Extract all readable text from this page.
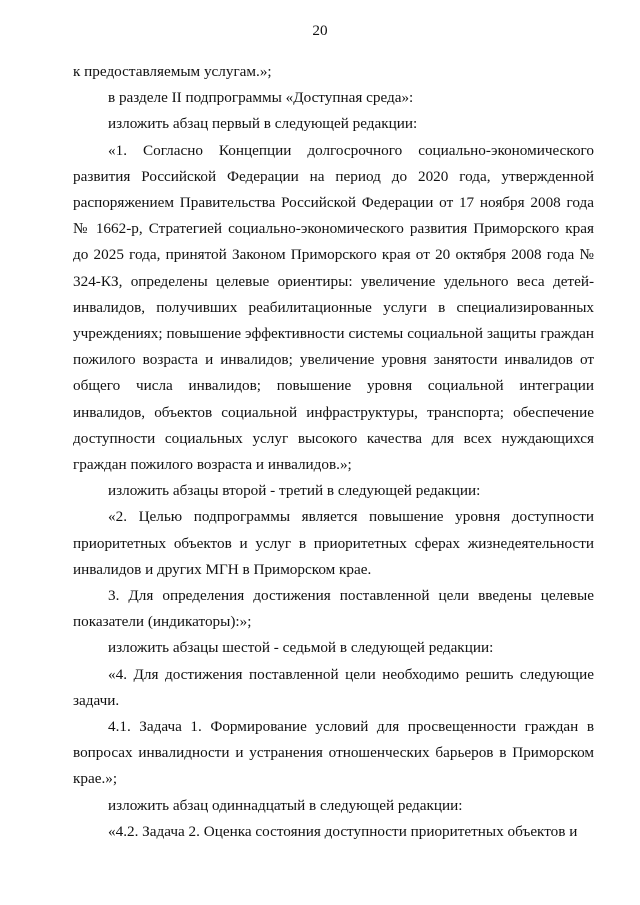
20

к предоставляемым услугам.»;

в разделе II подпрограммы «Доступная среда»:

изложить абзац первый в следующей редакции:

«1. Согласно Концепции долгосрочного социально-экономического развития Российской Федерации на период до 2020 года, утвержденной распоряжением Правительства Российской Федерации от 17 ноября 2008 года № 1662-р, Стратегией социально-экономического развития Приморского края до 2025 года, принятой Законом Приморского края от 20 октября 2008 года № 324-КЗ, определены целевые ориентиры: увеличение удельного веса детей-инвалидов, получивших реабилитационные услуги в специализированных учреждениях; повышение эффективности системы социальной защиты граждан пожилого возраста и инвалидов; увеличение уровня занятости инвалидов от общего числа инвалидов; повышение уровня социальной интеграции инвалидов, объектов социальной инфраструктуры, транспорта; обеспечение доступности социальных услуг высокого качества для всех нуждающихся граждан пожилого возраста и инвалидов.»;

изложить абзацы второй - третий в следующей редакции:

«2. Целью подпрограммы является повышение уровня доступности приоритетных объектов и услуг в приоритетных сферах жизнедеятельности инвалидов и других МГН в Приморском крае.

3. Для определения достижения поставленной цели введены целевые показатели (индикаторы):»;

изложить абзацы шестой - седьмой в следующей редакции:

«4. Для достижения поставленной цели необходимо решить следующие задачи.

4.1. Задача 1. Формирование условий для просвещенности граждан в вопросах инвалидности и устранения отношенческих барьеров в Приморском крае.»;

изложить абзац одиннадцатый в следующей редакции:

«4.2. Задача 2. Оценка состояния доступности приоритетных объектов и
